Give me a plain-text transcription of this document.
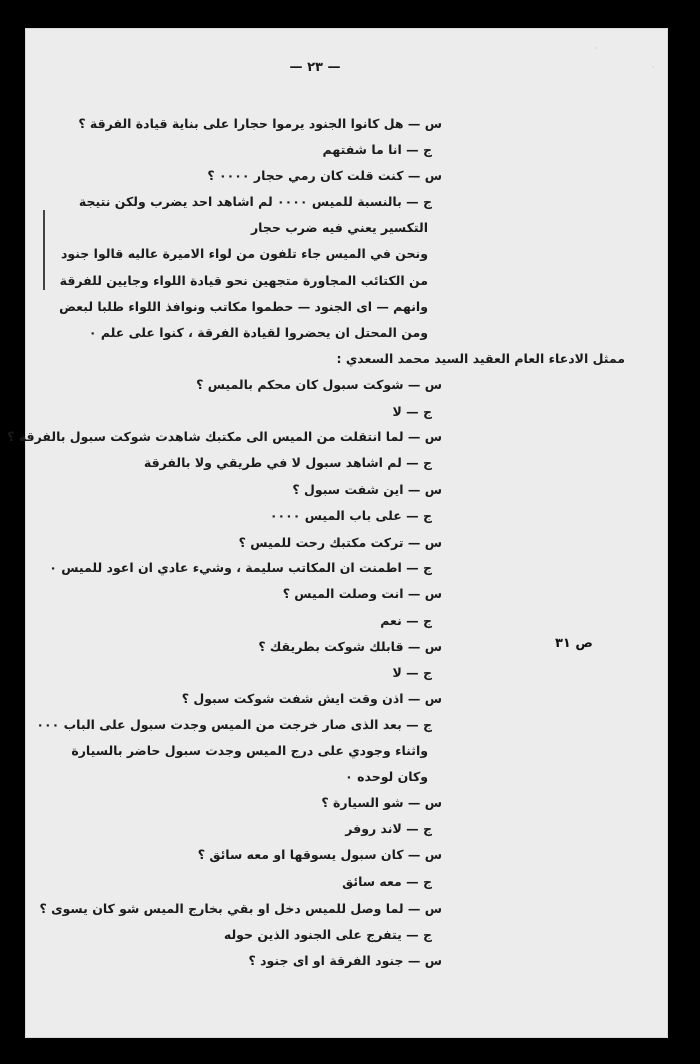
— ٢٣ —
ص ٣١
س — هل كانوا الجنود يرموا حجارا على بناية قيادة الفرقة ؟
ج — انا ما شفتهم
س — كنت قلت كان رمي حجار ٠٠٠٠ ؟
ج — بالنسبة للميس ٠٠٠٠ لم اشاهد احد يضرب ولكن نتيجة
التكسير يعني فيه ضرب حجار
ونحن في الميس جاء تلفون من لواء الاميرة عاليه قالوا جنود
من الكتائب المجاورة متجهين نحو قيادة اللواء وجايين للفرقة
وانهم — اى الجنود — حطموا مكاتب ونوافذ اللواء طلبا لبعض
ومن المحتل ان يحضروا لقيادة الفرقة ، كنوا على علم ٠
ممثل الادعاء العام العقيد السيد محمد السعدي :
س — شوكت سبول كان محكم بالميس ؟
ج — لا
س — لما انتقلت من الميس الى مكتبك شاهدت شوكت سبول بالفرقة ؟
ج — لم اشاهد سبول لا في طريقي ولا بالفرقة
س — اين شفت سبول ؟
ج — على باب الميس ٠٠٠٠
س — تركت مكتبك رحت للميس ؟
ج — اطمنت ان المكاتب سليمة ، وشيء عادي ان اعود للميس ٠
س — انت وصلت الميس ؟
ج — نعم
س — قابلك شوكت بطريقك ؟
ج — لا
س — اذن وقت ايش شفت شوكت سبول ؟
ج — بعد الذى صار خرجت من الميس وجدت سبول على الباب ٠٠٠
واثناء وجودي على درج الميس وجدت سبول حاضر بالسيارة
وكان لوحده ٠
س — شو السيارة ؟
ج — لاند روفر
س — كان سبول يسوقها او معه سائق ؟
ج — معه سائق
س — لما وصل للميس دخل او بقي بخارج الميس شو كان يسوى ؟
ج — يتفرج على الجنود الذين حوله
س — جنود الفرقة او اى جنود ؟
